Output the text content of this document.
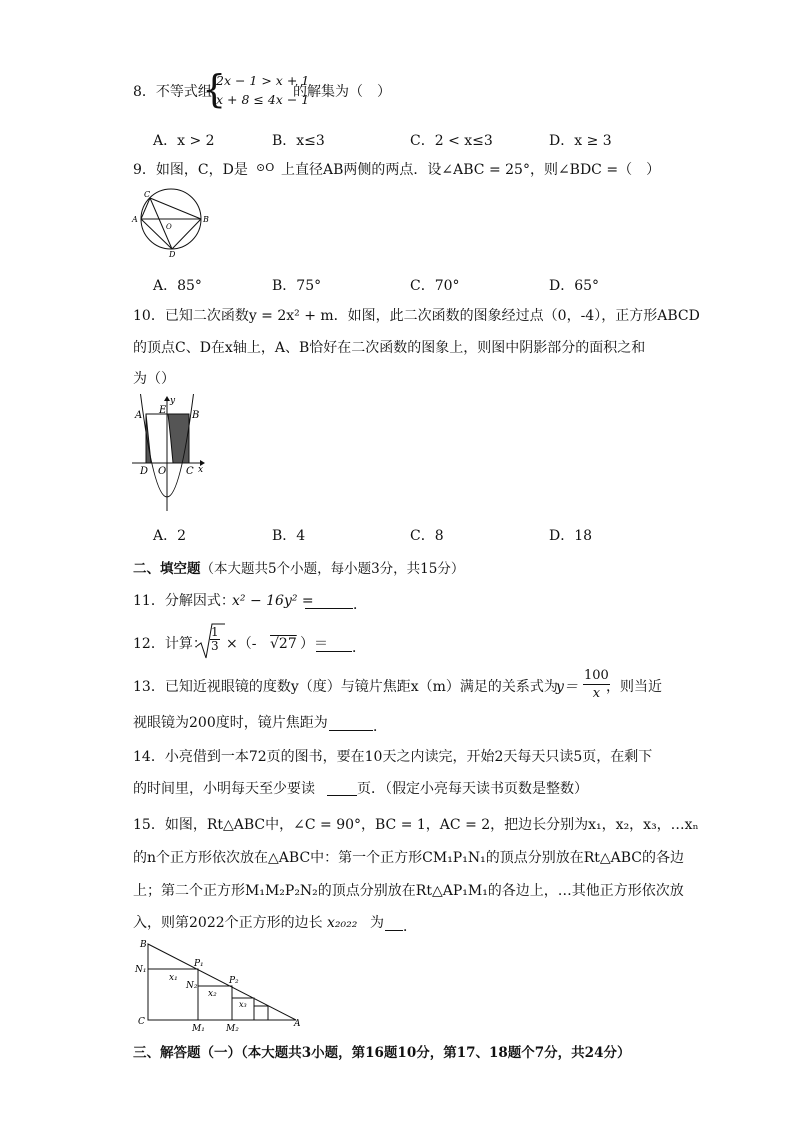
8．不等式组
{
2x − 1 > x + 1
x + 8 ≤ 4x − 1
的解集为（　）
A．x > 2	B．x≤3	C．2 < x≤3	D．x ≥ 3
9．如图，C，D是 ⊙O 上直径AB两侧的两点．设∠ABC = 25°，则∠BDC =（　）
C
A	B
O
D
A．85°	B．75°	C．70°	D．65°
10．已知二次函数y = 2x² + m．如图，此二次函数的图象经过点（0，-4），正方形ABCD
的顶点C、D在x轴上，A、B恰好在二次函数的图象上，则图中阴影部分的面积之和
为（）
y
A E	B
D O C x
A．2	B．4	C．8	D．18
二、填空题（本大题共5个小题，每小题3分，共15分）
11．分解因式：
x² − 16y² =	．
12．计算： $\frac{1}{3}$ ×（- √27 ）＝	．
13．已知近视眼镜的度数y（度）与镜片焦距x（m）满足的关系式为
$y= \frac{100}{x}$
，则当近
视眼镜为200度时，镜片焦距为	．
14．小亮借到一本72页的图书，要在10天之内读完，开始2天每天只读5页，在剩下
的时间里，小明每天至少要读	页．（假定小亮每天读书页数是整数）
15．如图，Rt△ABC中，∠C = 90°，BC = 1，AC = 2，把边长分别为x₁，x₂，x₃，…xₙ
的n个正方形依次放在△ABC中：第一个正方形CM₁P₁N₁的顶点分别放在Rt△ABC的各边
上；第二个正方形M₁M₂P₂N₂的顶点分别放在Rt△AP₁M₁的各边上，…其他正方形依次放
入，则第2022个正方形的边长 x₂₀₂₂ 为	．
B
N₁
P₁
x₁
N₂	P₂
x₂
x₃
C
M₁ M₂	A
三、解答题（一）（本大题共3小题，第16题10分，第17、18题个7分，共24分）
